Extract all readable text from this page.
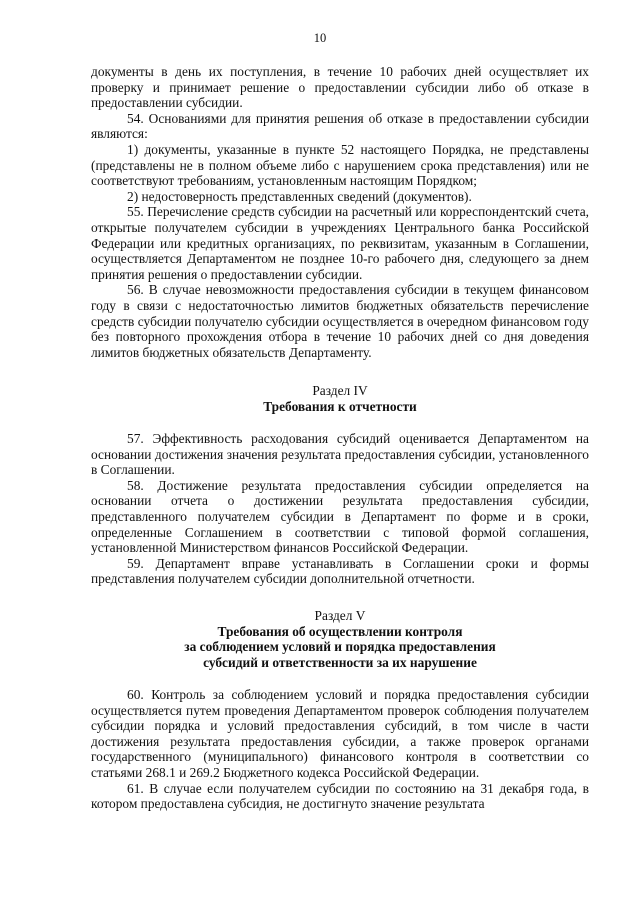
10

документы в день их поступления, в течение 10 рабочих дней осуществляет их проверку и принимает решение о предоставлении субсидии либо об отказе в предоставлении субсидии.

54. Основаниями для принятия решения об отказе в предоставлении субсидии являются:

1) документы, указанные в пункте 52 настоящего Порядка, не представлены (представлены не в полном объеме либо с нарушением срока представления) или не соответствуют требованиям, установленным настоящим Порядком;

2) недостоверность представленных сведений (документов).

55. Перечисление средств субсидии на расчетный или корреспондентский счета, открытые получателем субсидии в учреждениях Центрального банка Российской Федерации или кредитных организациях, по реквизитам, указанным в Соглашении, осуществляется Департаментом не позднее 10-го рабочего дня, следующего за днем принятия решения о предоставлении субсидии.

56. В случае невозможности предоставления субсидии в текущем финансовом году в связи с недостаточностью лимитов бюджетных обязательств перечисление средств субсидии получателю субсидии осуществляется в очередном финансовом году без повторного прохождения отбора в течение 10 рабочих дней со дня доведения лимитов бюджетных обязательств Департаменту.

Раздел IV

Требования к отчетности

57. Эффективность расходования субсидий оценивается Департаментом на основании достижения значения результата предоставления субсидии, установленного в Соглашении.

58. Достижение результата предоставления субсидии определяется на основании отчета о достижении результата предоставления субсидии, представленного получателем субсидии в Департамент по форме и в сроки, определенные Соглашением в соответствии с типовой формой соглашения, установленной Министерством финансов Российской Федерации.

59. Департамент вправе устанавливать в Соглашении сроки и формы представления получателем субсидии дополнительной отчетности.

Раздел V

Требования об осуществлении контроля

за соблюдением условий и порядка предоставления

субсидий и ответственности за их нарушение

60. Контроль за соблюдением условий и порядка предоставления субсидии осуществляется путем проведения Департаментом проверок соблюдения получателем субсидии порядка и условий предоставления субсидий, в том числе в части достижения результата предоставления субсидии, а также проверок органами государственного (муниципального) финансового контроля в соответствии со статьями 268.1 и 269.2 Бюджетного кодекса Российской Федерации.

61. В случае если получателем субсидии по состоянию на 31 декабря года, в котором предоставлена субсидия, не достигнуто значение результата
